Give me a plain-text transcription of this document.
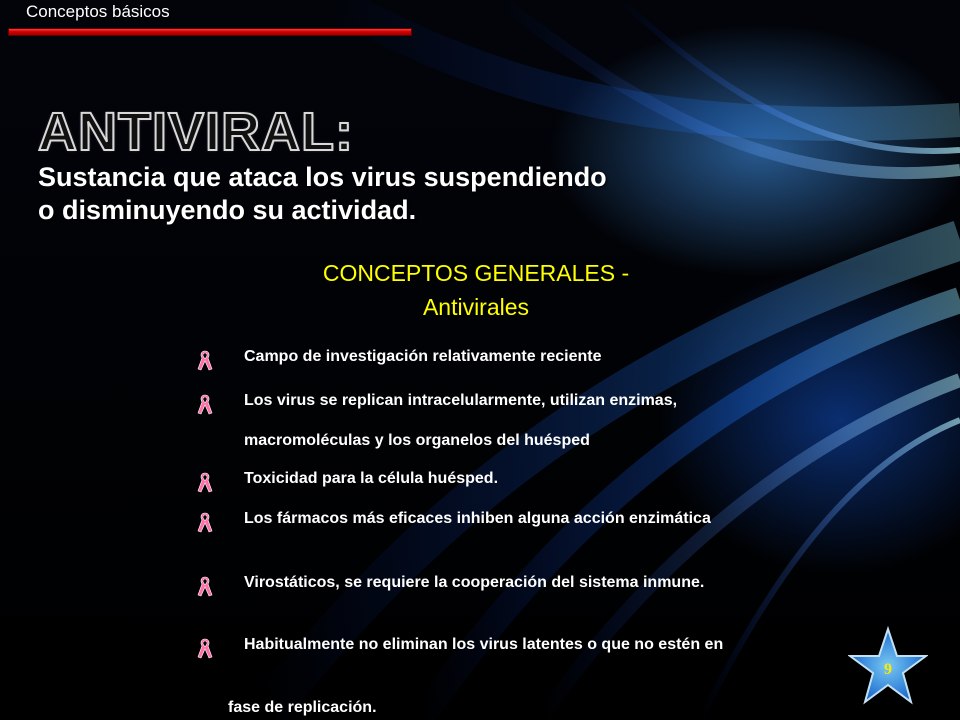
Conceptos básicos
ANTIVIRAL:
Sustancia que ataca los virus suspendiendo
o disminuyendo su actividad.
CONCEPTOS GENERALES -
Antivirales
Campo de investigación relativamente reciente
Los virus se replican intracelularmente, utilizan enzimas,
macromoléculas y los organelos del huésped
Toxicidad para la célula huésped.
Los fármacos más eficaces inhiben alguna acción enzimática
Virostáticos, se requiere la cooperación del sistema inmune.
Habitualmente no eliminan los virus latentes o que no estén en
fase de replicación.
9
